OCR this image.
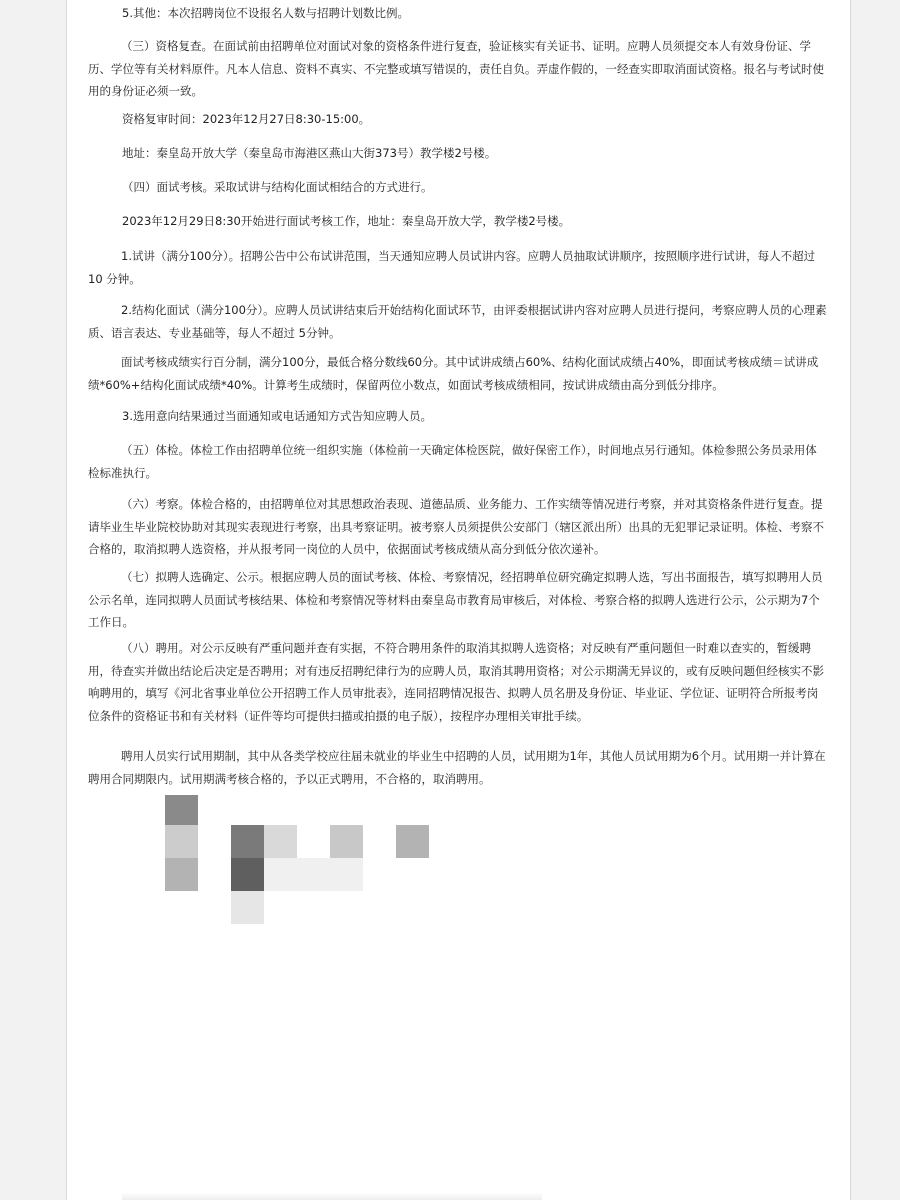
5.其他：本次招聘岗位不设报名人数与招聘计划数比例。

（三）资格复查。在面试前由招聘单位对面试对象的资格条件进行复查，验证核实有关证书、证明。应聘人员须提交本人有效身份证、学历、学位等有关材料原件。凡本人信息、资料不真实、不完整或填写错误的，责任自负。弄虚作假的，一经查实即取消面试资格。报名与考试时使用的身份证必须一致。

资格复审时间：2023年12月27日8:30-15:00。

地址：秦皇岛开放大学（秦皇岛市海港区燕山大街373号）教学楼2号楼。

（四）面试考核。采取试讲与结构化面试相结合的方式进行。

2023年12月29日8:30开始进行面试考核工作，地址：秦皇岛开放大学，教学楼2号楼。

1.试讲（满分100分）。招聘公告中公布试讲范围，当天通知应聘人员试讲内容。应聘人员抽取试讲顺序，按照顺序进行试讲，每人不超过10 分钟。

2.结构化面试（满分100分）。应聘人员试讲结束后开始结构化面试环节，由评委根据试讲内容对应聘人员进行提问，考察应聘人员的心理素质、语言表达、专业基础等，每人不超过 5分钟。

面试考核成绩实行百分制，满分100分，最低合格分数线60分。其中试讲成绩占60%、结构化面试成绩占40%，即面试考核成绩＝试讲成绩*60%+结构化面试成绩*40%。计算考生成绩时，保留两位小数点，如面试考核成绩相同，按试讲成绩由高分到低分排序。

3.选用意向结果通过当面通知或电话通知方式告知应聘人员。

（五）体检。体检工作由招聘单位统一组织实施（体检前一天确定体检医院，做好保密工作），时间地点另行通知。体检参照公务员录用体检标准执行。

（六）考察。体检合格的，由招聘单位对其思想政治表现、道德品质、业务能力、工作实绩等情况进行考察，并对其资格条件进行复查。提请毕业生毕业院校协助对其现实表现进行考察，出具考察证明。被考察人员须提供公安部门（辖区派出所）出具的无犯罪记录证明。体检、考察不合格的，取消拟聘人选资格，并从报考同一岗位的人员中，依据面试考核成绩从高分到低分依次递补。

（七）拟聘人选确定、公示。根据应聘人员的面试考核、体检、考察情况，经招聘单位研究确定拟聘人选，写出书面报告，填写拟聘用人员公示名单，连同拟聘人员面试考核结果、体检和考察情况等材料由秦皇岛市教育局审核后，对体检、考察合格的拟聘人选进行公示，公示期为7个工作日。

（八）聘用。对公示反映有严重问题并查有实据，不符合聘用条件的取消其拟聘人选资格；对反映有严重问题但一时难以查实的，暂缓聘用，待查实并做出结论后决定是否聘用；对有违反招聘纪律行为的应聘人员，取消其聘用资格；对公示期满无异议的，或有反映问题但经核实不影响聘用的，填写《河北省事业单位公开招聘工作人员审批表》，连同招聘情况报告、拟聘人员名册及身份证、毕业证、学位证、证明符合所报考岗位条件的资格证书和有关材料（证件等均可提供扫描或拍摄的电子版），按程序办理相关审批手续。

聘用人员实行试用期制，其中从各类学校应往届未就业的毕业生中招聘的人员，试用期为1年，其他人员试用期为6个月。试用期一并计算在聘用合同期限内。试用期满考核合格的，予以正式聘用，不合格的，取消聘用。
